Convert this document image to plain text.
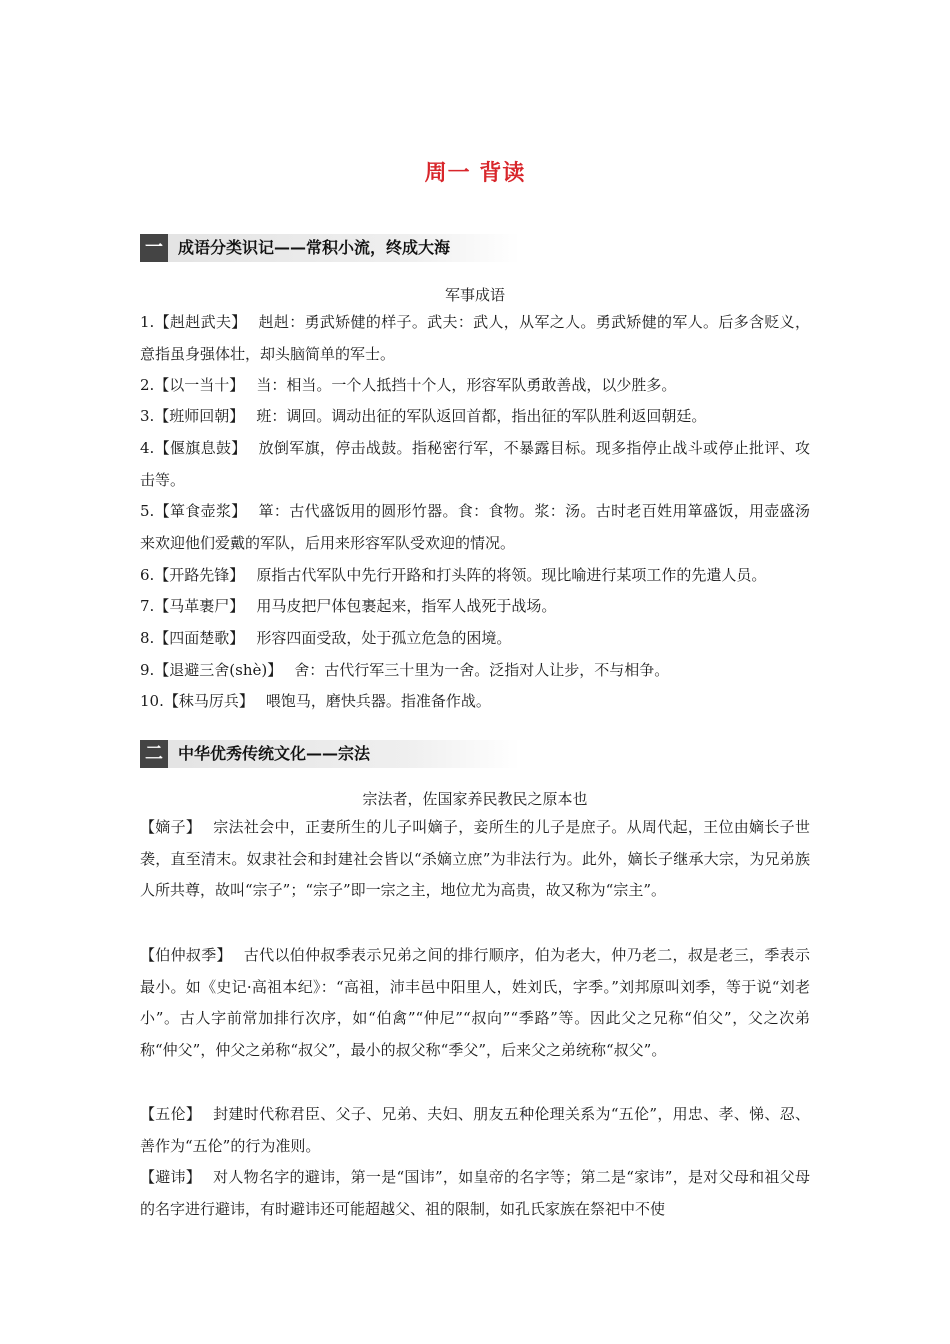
周一 背读
一 成语分类识记——常积小流，终成大海
军事成语
1.【赳赳武夫】 赳赳：勇武矫健的样子。武夫：武人，从军之人。勇武矫健的军人。后多含贬义，意指虽身强体壮，却头脑简单的军士。
2.【以一当十】 当：相当。一个人抵挡十个人，形容军队勇敢善战，以少胜多。
3.【班师回朝】 班：调回。调动出征的军队返回首都，指出征的军队胜利返回朝廷。
4.【偃旗息鼓】 放倒军旗，停击战鼓。指秘密行军，不暴露目标。现多指停止战斗或停止批评、攻击等。
5.【箪食壶浆】 箪：古代盛饭用的圆形竹器。食：食物。浆：汤。古时老百姓用箪盛饭，用壶盛汤来欢迎他们爱戴的军队，后用来形容军队受欢迎的情况。
6.【开路先锋】 原指古代军队中先行开路和打头阵的将领。现比喻进行某项工作的先遣人员。
7.【马革裹尸】 用马皮把尸体包裹起来，指军人战死于战场。
8.【四面楚歌】 形容四面受敌，处于孤立危急的困境。
9.【退避三舍(shè)】 舍：古代行军三十里为一舍。泛指对人让步，不与相争。
10.【秣马厉兵】 喂饱马，磨快兵器。指准备作战。
二 中华优秀传统文化——宗法
宗法者，佐国家养民教民之原本也
【嫡子】 宗法社会中，正妻所生的儿子叫嫡子，妾所生的儿子是庶子。从周代起，王位由嫡长子世袭，直至清末。奴隶社会和封建社会皆以“杀嫡立庶”为非法行为。此外，嫡长子继承大宗，为兄弟族人所共尊，故叫“宗子”；“宗子”即一宗之主，地位尤为高贵，故又称为“宗主”。
【伯仲叔季】 古代以伯仲叔季表示兄弟之间的排行顺序，伯为老大，仲乃老二，叔是老三，季表示最小。如《史记·高祖本纪》：“高祖，沛丰邑中阳里人，姓刘氏，字季。”刘邦原叫刘季，等于说“刘老小”。古人字前常加排行次序，如“伯禽”“仲尼”“叔向”“季路”等。因此父之兄称“伯父”，父之次弟称“仲父”，仲父之弟称“叔父”，最小的叔父称“季父”，后来父之弟统称“叔父”。
【五伦】 封建时代称君臣、父子、兄弟、夫妇、朋友五种伦理关系为“五伦”，用忠、孝、悌、忍、善作为“五伦”的行为准则。
【避讳】 对人物名字的避讳，第一是“国讳”，如皇帝的名字等；第二是“家讳”，是对父母和祖父母的名字进行避讳，有时避讳还可能超越父、祖的限制，如孔氏家族在祭祀中不使
